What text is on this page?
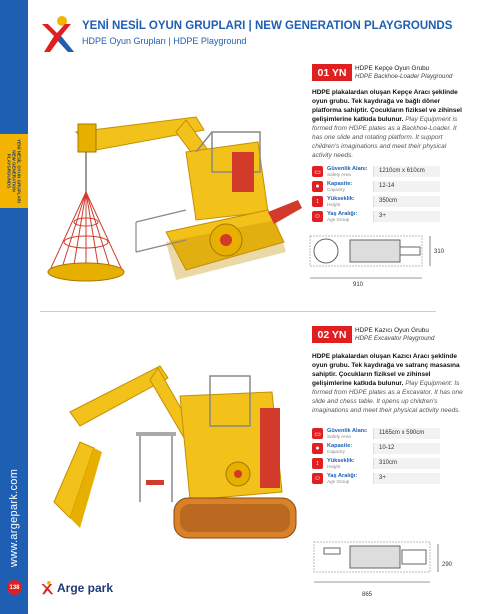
YENİ NESİL OYUN GRUPLARI NEW GENERATION PLAYGROUNDS
www.argepark.com
138
YENİ NESİL OYUN GRUPLARI | NEW GENERATION PLAYGROUNDS
HDPE Oyun Grupları | HDPE Playground
01 YN	HDPE Kepçe Oyun Grubu
HDPE Backhoe-Loader Playground
HDPE plakalardan oluşan Kepçe Aracı şeklinde oyun grubu. Tek kaydırağa ve bağlı döner platforma sahiptir. Çocukların fiziksel ve zihinsel gelişimlerine katkıda bulunur. Play Equipment is formed from HDPE plates as a Backhoe-Loader. It has one slide and rotating platform. It support children's imaginations and meet their physical activity needs.
▭	Güvenlik Alanı:
Safety Area	1210cm x 610cm
●	Kapasite:
Capacity	12-14
↕	Yükseklik:
Height	350cm
☺	Yaş Aralığı:
Age Group	3+
910
310
02 YN	HDPE Kazıcı Oyun Grubu
HDPE Excavator Playground
HDPE plakalardan oluşan Kazıcı Aracı şeklinde oyun grubu. Tek kaydırağa ve satranç masasına sahiptir. Çocukların fiziksel ve zihinsel gelişimlerine katkıda bulunur. Play Equipment: Is formed from HDPE plates as a Excavator. It has one slide and chess table. It opens up children's imaginations and meet their physical activity needs.
▭	Güvenlik Alanı:
Safety Area	1165cm x 590cm
●	Kapasite:
Capacity	10-12
↕	Yükseklik:
Height	310cm
☺	Yaş Aralığı:
Age Group	3+
865
290
Arge park
